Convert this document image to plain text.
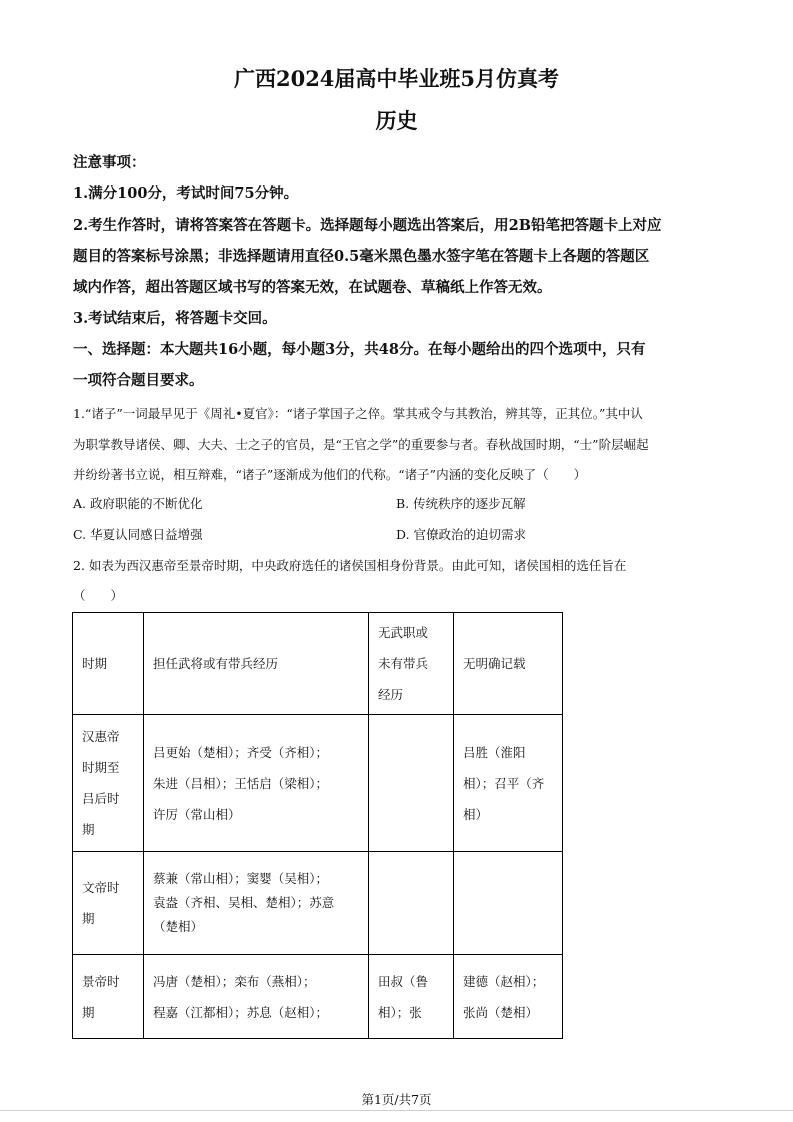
广西2024届高中毕业班5月仿真考
历史
注意事项：
1.满分100分，考试时间75分钟。
2.考生作答时，请将答案答在答题卡。选择题每小题选出答案后，用2B铅笔把答题卡上对应
题目的答案标号涂黑；非选择题请用直径0.5毫米黑色墨水签字笔在答题卡上各题的答题区
域内作答，超出答题区域书写的答案无效，在试题卷、草稿纸上作答无效。
3.考试结束后，将答题卡交回。
一、选择题：本大题共16小题，每小题3分，共48分。在每小题给出的四个选项中，只有
一项符合题目要求。
1.“诸子”一词最早见于《周礼•夏官》：“诸子掌国子之倅。掌其戒令与其教治，辨其等，正其位。”其中认
为职掌教导诸侯、卿、大夫、士之子的官员，是“王官之学”的重要参与者。春秋战国时期，“士”阶层崛起
并纷纷著书立说，相互辩难，“诸子”逐渐成为他们的代称。“诸子”内涵的变化反映了（　　）
A. 政府职能的不断优化	B. 传统秩序的逐步瓦解
C. 华夏认同感日益增强	D. 官僚政治的迫切需求
2. 如表为西汉惠帝至景帝时期，中央政府选任的诸侯国相身份背景。由此可知，诸侯国相的选任旨在
（　　）
时期	担任武将或有带兵经历	无武职或
未有带兵
经历	无明确记载

汉惠帝
时期至
吕后时
期	吕更始（楚相）；齐受（齐相）；
朱进（吕相）；王恬启（梁相）；
许厉（常山相）		吕胜（淮阳
相）；召平（齐
相）

文帝时
期	蔡兼（常山相）；窦婴（吴相）；
袁盎（齐相、吴相、楚相）；苏意
（楚相）		

景帝时
期	冯唐（楚相）；栾布（燕相）；
程嘉（江都相）；苏息（赵相）；	田叔（鲁
相）；张	建德（赵相）；
张尚（楚相）
第1页/共7页
